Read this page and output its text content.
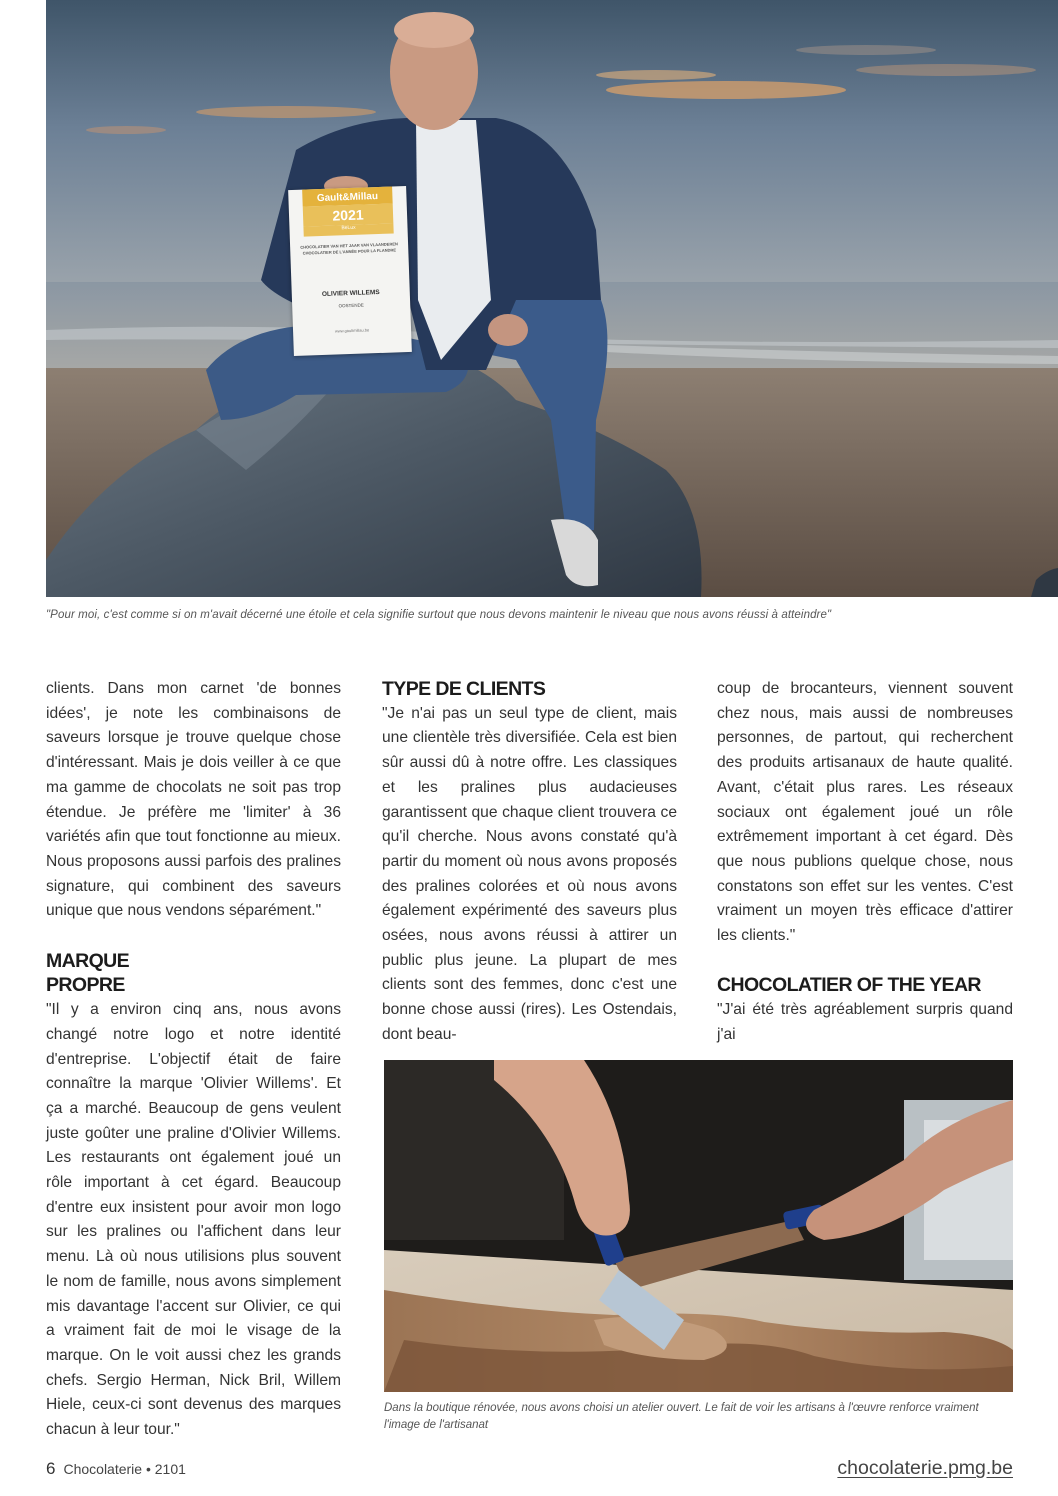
Gault&Millau
2021
BeLux
CHOCOLATIER VAN HET JAAR VAN VLAANDEREN
CHOCOLATIER DE L'ANNÉE POUR LA FLANDRE
OLIVIER WILLEMS
OOSTENDE
www.gaultmillau.be
"Pour moi, c'est comme si on m'avait décerné une étoile et cela signifie surtout que nous devons maintenir le niveau que nous avons réussi à atteindre"

clients. Dans mon carnet 'de bonnes idées', je note les combinaisons de saveurs lorsque je trouve quelque chose d'intéressant. Mais je dois veiller à ce que ma gamme de chocolats ne soit pas trop étendue. Je préfère me 'limiter' à 36 variétés afin que tout fonctionne au mieux. Nous proposons aussi parfois des pralines signature, qui combinent des saveurs unique que nous vendons séparément."

MARQUE
PROPRE

"Il y a environ cinq ans, nous avons changé notre logo et notre identité d'entreprise. L'objectif était de faire connaître la marque 'Olivier Willems'. Et ça a marché. Beaucoup de gens veulent juste goûter une praline d'Olivier Willems. Les restaurants ont également joué un rôle important à cet égard. Beaucoup d'entre eux insistent pour avoir mon logo sur les pralines ou l'affichent dans leur menu. Là où nous utilisions plus souvent le nom de famille, nous avons simplement mis davantage l'accent sur Olivier, ce qui a vraiment fait de moi le visage de la marque. On le voit aussi chez les grands chefs. Sergio Herman, Nick Bril, Willem Hiele, ceux-ci sont devenus des marques chacun à leur tour."

TYPE DE CLIENTS

"Je n'ai pas un seul type de client, mais une clientèle très diversifiée. Cela est bien sûr aussi dû à notre offre. Les classiques et les pralines plus audacieuses garantissent que chaque client trouvera ce qu'il cherche. Nous avons constaté qu'à partir du moment où nous avons proposés des pralines colorées et où nous avons également expérimenté des saveurs plus osées, nous avons réussi à attirer un public plus jeune. La plupart de mes clients sont des femmes, donc c'est une bonne chose aussi (rires). Les Ostendais, dont beau-

coup de brocanteurs, viennent souvent chez nous, mais aussi de nombreuses personnes, de partout, qui recherchent des produits artisanaux de haute qualité. Avant, c'était plus rares. Les réseaux sociaux ont également joué un rôle extrêmement important à cet égard. Dès que nous publions quelque chose, nous constatons son effet sur les ventes. C'est vraiment un moyen très efficace d'attirer les clients."

CHOCOLATIER OF THE YEAR

"J'ai été très agréablement surpris quand j'ai

Dans la boutique rénovée, nous avons choisi un atelier ouvert. Le fait de voir les artisans à l'œuvre renforce vraiment l'image de l'artisanat
6 Chocolaterie • 2101	chocolaterie.pmg.be
